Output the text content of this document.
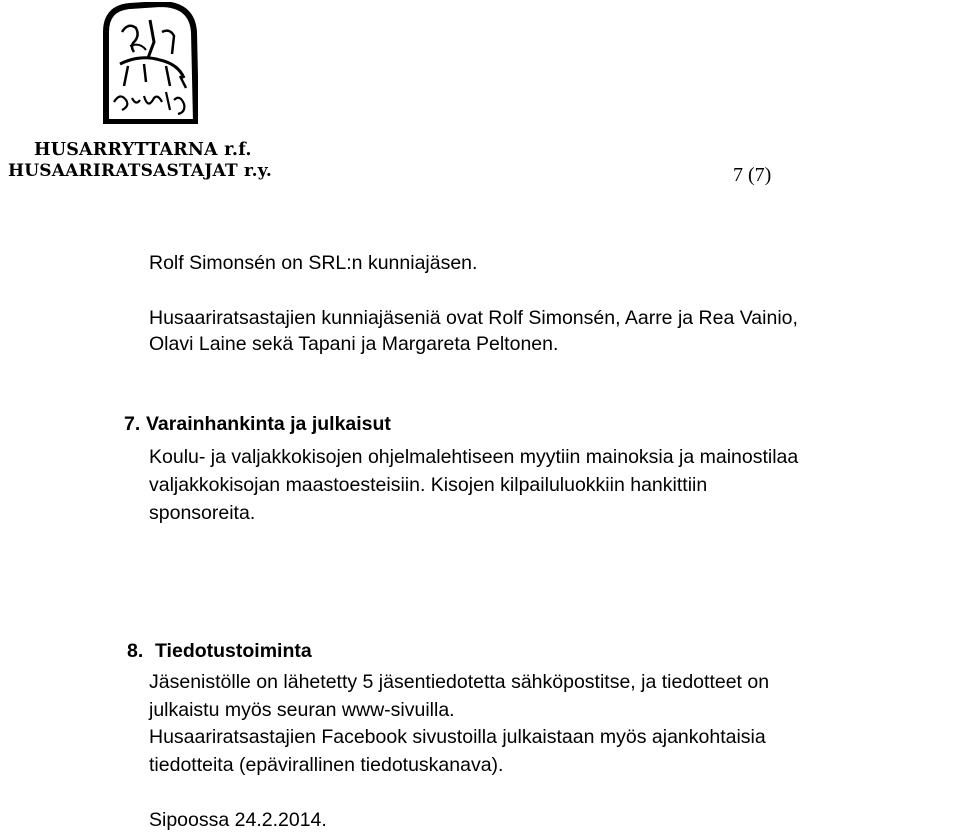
HUSARRYTTARNA r.f.
HUSAARIRATSASTAJAT r.y.	7 (7)
Rolf Simonsén on SRL:n kunniajäsen.
Husaariratsastajien kunniajäseniä ovat Rolf Simonsén, Aarre ja Rea Vainio,
Olavi Laine sekä Tapani ja Margareta Peltonen.
7. Varainhankinta ja julkaisut
Koulu- ja valjakkokisojen ohjelmalehtiseen myytiin mainoksia ja mainostilaa
valjakkokisojan maastoesteisiin. Kisojen kilpailuluokkiin hankittiin
sponsoreita.
8. Tiedotustoiminta
Jäsenistölle on lähetetty 5 jäsentiedotetta sähköpostitse, ja tiedotteet on
julkaistu myös seuran www-sivuilla.
Husaariratsastajien Facebook sivustoilla julkaistaan myös ajankohtaisia
tiedotteita (epävirallinen tiedotuskanava).
Sipoossa 24.2.2014.
